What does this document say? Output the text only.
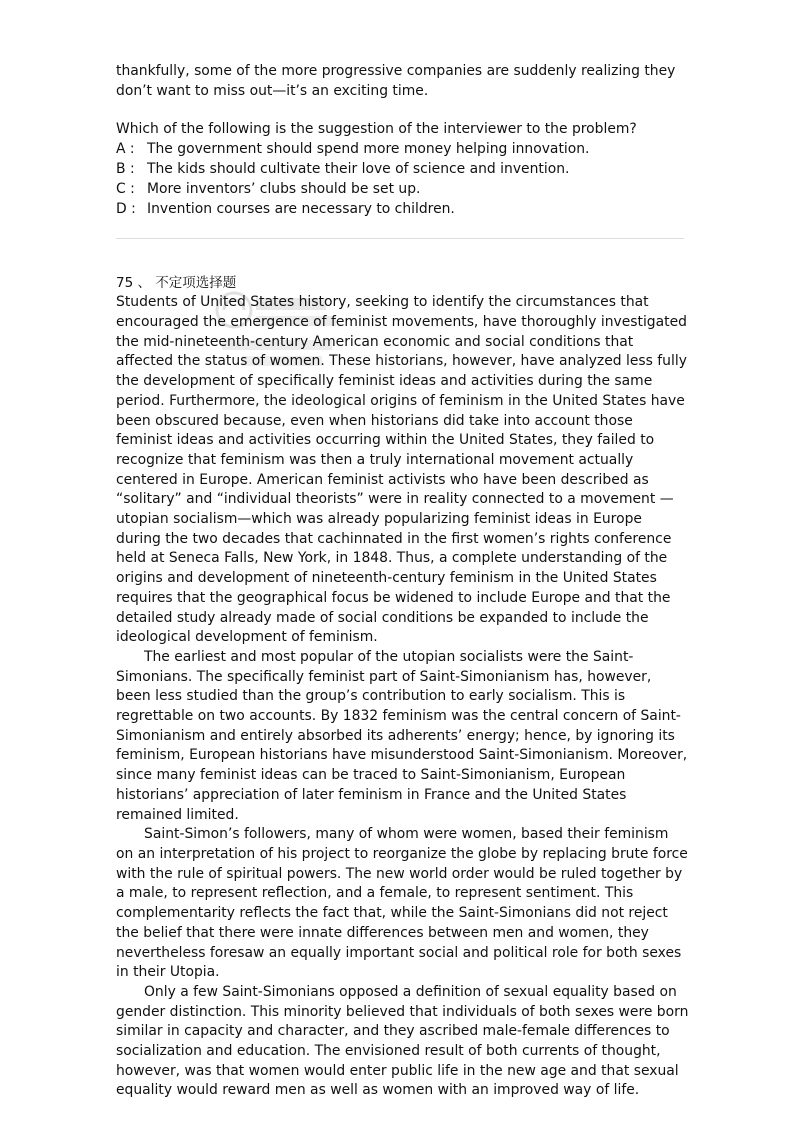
thankfully, some of the more progressive companies are suddenly realizing they don’t want to miss out—it’s an exciting time.

Which of the following is the suggestion of the interviewer to the problem?

A : The government should spend more money helping innovation.
B : The kids should cultivate their love of science and invention.
C : More inventors’ clubs should be set up.
D : Invention courses are necessary to children.
75 、 不定项选择题

Students of United States history, seeking to identify the circumstances that encouraged the emergence of feminist movements, have thoroughly investigated the mid-nineteenth-century American economic and social conditions that affected the status of women. These historians, however, have analyzed less fully the development of specifically feminist ideas and activities during the same period. Furthermore, the ideological origins of feminism in the United States have been obscured because, even when historians did take into account those feminist ideas and activities occurring within the United States, they failed to recognize that feminism was then a truly international movement actually centered in Europe. American feminist activists who have been described as “solitary” and “individual theorists” were in reality connected to a movement —utopian socialism—which was already popularizing feminist ideas in Europe during the two decades that cachinnated in the first women’s rights conference held at Seneca Falls, New York, in 1848. Thus, a complete understanding of the origins and development of nineteenth-century feminism in the United States requires that the geographical focus be widened to include Europe and that the detailed study already made of social conditions be expanded to include the ideological development of feminism.

The earliest and most popular of the utopian socialists were the Saint-Simonians. The specifically feminist part of Saint-Simonianism has, however, been less studied than the group’s contribution to early socialism. This is regrettable on two accounts. By 1832 feminism was the central concern of Saint-Simonianism and entirely absorbed its adherents’ energy; hence, by ignoring its feminism, European historians have misunderstood Saint-Simonianism. Moreover, since many feminist ideas can be traced to Saint-Simonianism, European historians’ appreciation of later feminism in France and the United States remained limited.

Saint-Simon’s followers, many of whom were women, based their feminism on an interpretation of his project to reorganize the globe by replacing brute force with the rule of spiritual powers. The new world order would be ruled together by a male, to represent reflection, and a female, to represent sentiment. This complementarity reflects the fact that, while the Saint-Simonians did not reject the belief that there were innate differences between men and women, they nevertheless foresaw an equally important social and political role for both sexes in their Utopia.

Only a few Saint-Simonians opposed a definition of sexual equality based on gender distinction. This minority believed that individuals of both sexes were born similar in capacity and character, and they ascribed male-female differences to socialization and education. The envisioned result of both currents of thought, however, was that women would enter public life in the new age and that sexual equality would reward men as well as women with an improved way of life.
